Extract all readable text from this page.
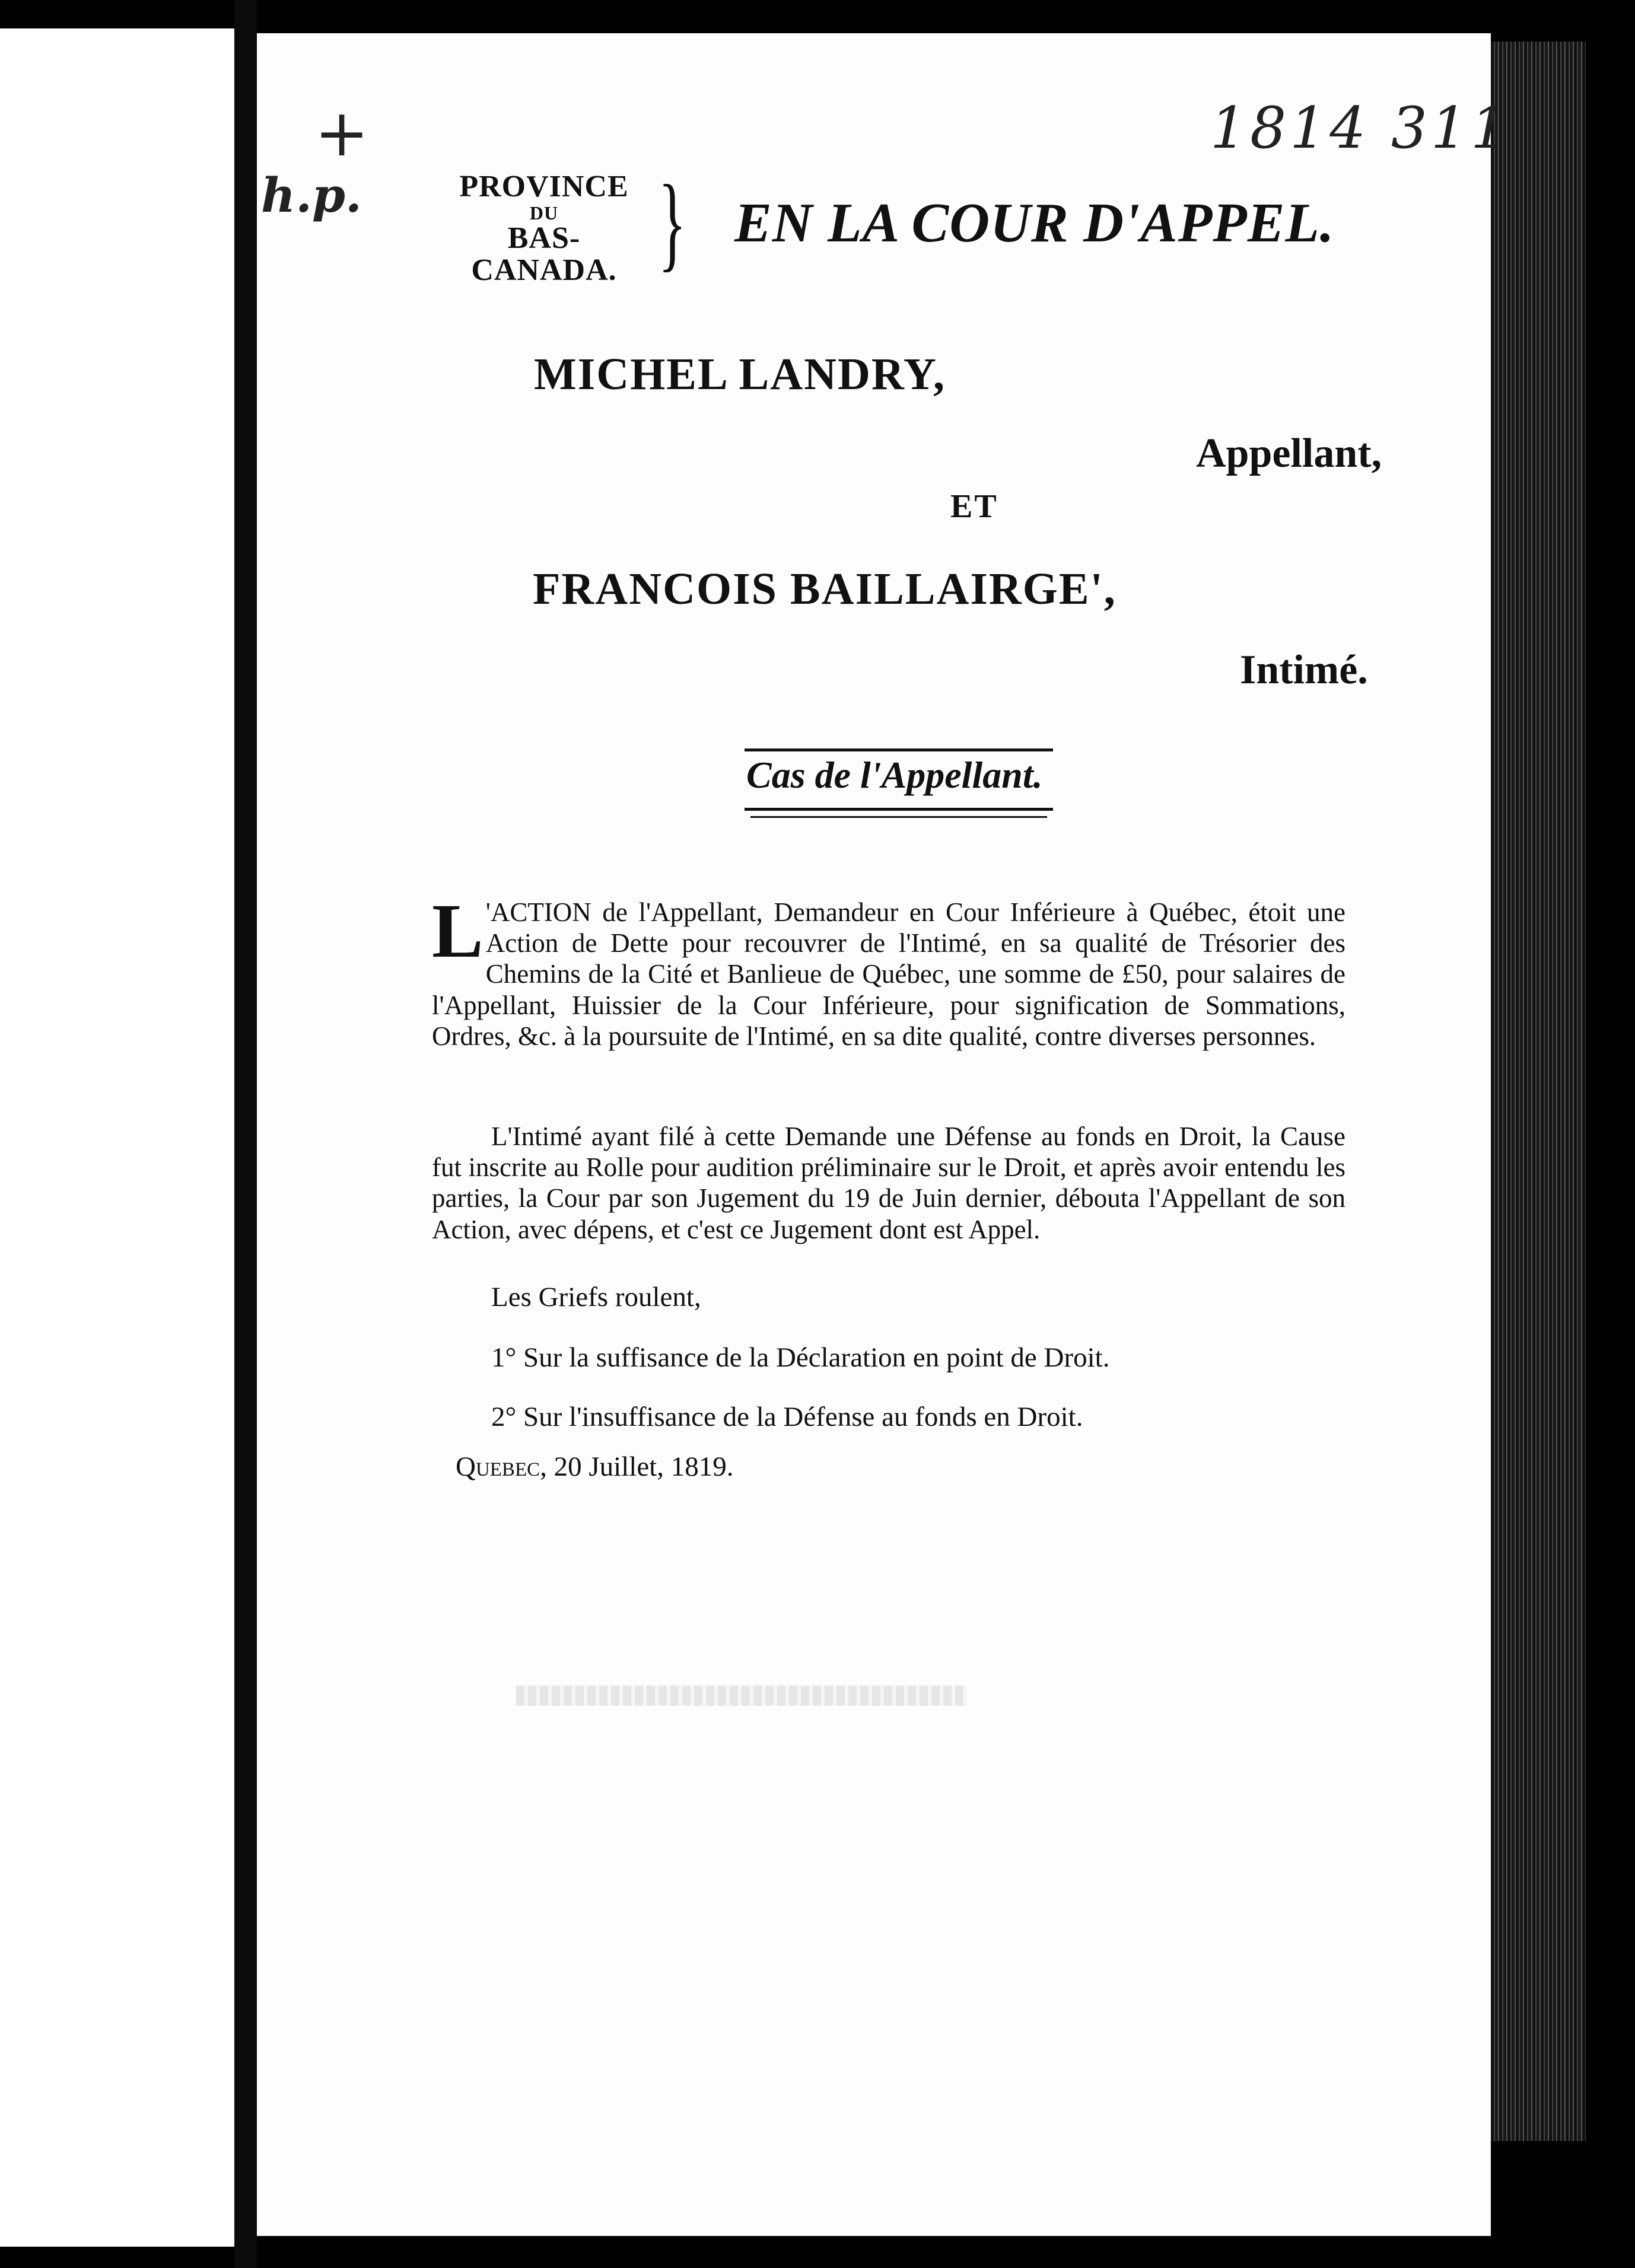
+
h.p.
1814 311
PROVINCE
DU
BAS-CANADA. } EN LA COUR D'APPEL.
MICHEL LANDRY,
Appellant,
ET
FRANCOIS BAILLAIRGE',
Intimé.
Cas de l'Appellant.
L 'ACTION de l'Appellant, Demandeur en Cour Inférieure à Québec, étoit une Action de Dette pour recouvrer de l'Intimé, en sa qualité de Trésorier des Chemins de la Cité et Banlieue de Québec, une somme de £50, pour salaires de l'Appellant, Huissier de la Cour Inférieure, pour signification de Sommations, Ordres, &c. à la poursuite de l'Intimé, en sa dite qualité, contre diverses personnes.
L'Intimé ayant filé à cette Demande une Défense au fonds en Droit, la Cause fut inscrite au Rolle pour audition préliminaire sur le Droit, et après avoir entendu les parties, la Cour par son Jugement du 19 de Juin dernier, débouta l'Appellant de son Action, avec dépens, et c'est ce Jugement dont est Appel.
Les Griefs roulent,
1° Sur la suffisance de la Déclaration en point de Droit.
2° Sur l'insuffisance de la Défense au fonds en Droit.
Quebec, 20 Juillet, 1819.
